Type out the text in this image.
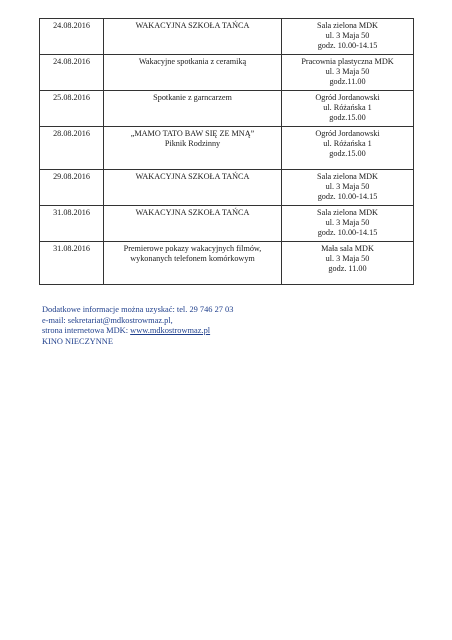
24.08.2016	WAKACYJNA SZKOŁA TAŃCA	Sala zielona MDK
ul. 3 Maja 50
godz. 10.00-14.15

24.08.2016	Wakacyjne spotkania z ceramiką	Pracownia plastyczna MDK
ul. 3 Maja 50
godz.11.00

25.08.2016	Spotkanie z garncarzem	Ogród Jordanowski
ul. Różańska 1
godz.15.00

28.08.2016	„MAMO TATO BAW SIĘ ZE MNĄ”
Piknik Rodzinny	Ogród Jordanowski
ul. Różańska 1
godz.15.00

29.08.2016	WAKACYJNA SZKOŁA TAŃCA	Sala zielona MDK
ul. 3 Maja 50
godz. 10.00-14.15

31.08.2016	WAKACYJNA SZKOŁA TAŃCA	Sala zielona MDK
ul. 3 Maja 50
godz. 10.00-14.15

31.08.2016	Premierowe pokazy wakacyjnych filmów,
wykonanych telefonem komórkowym	Mała sala MDK
ul. 3 Maja 50
godz. 11.00
Dodatkowe informacje można uzyskać: tel. 29 746 27 03
e-mail: sekretariat@mdkostrowmaz.pl,
strona internetowa MDK: www.mdkostrowmaz.pl
KINO NIECZYNNE
